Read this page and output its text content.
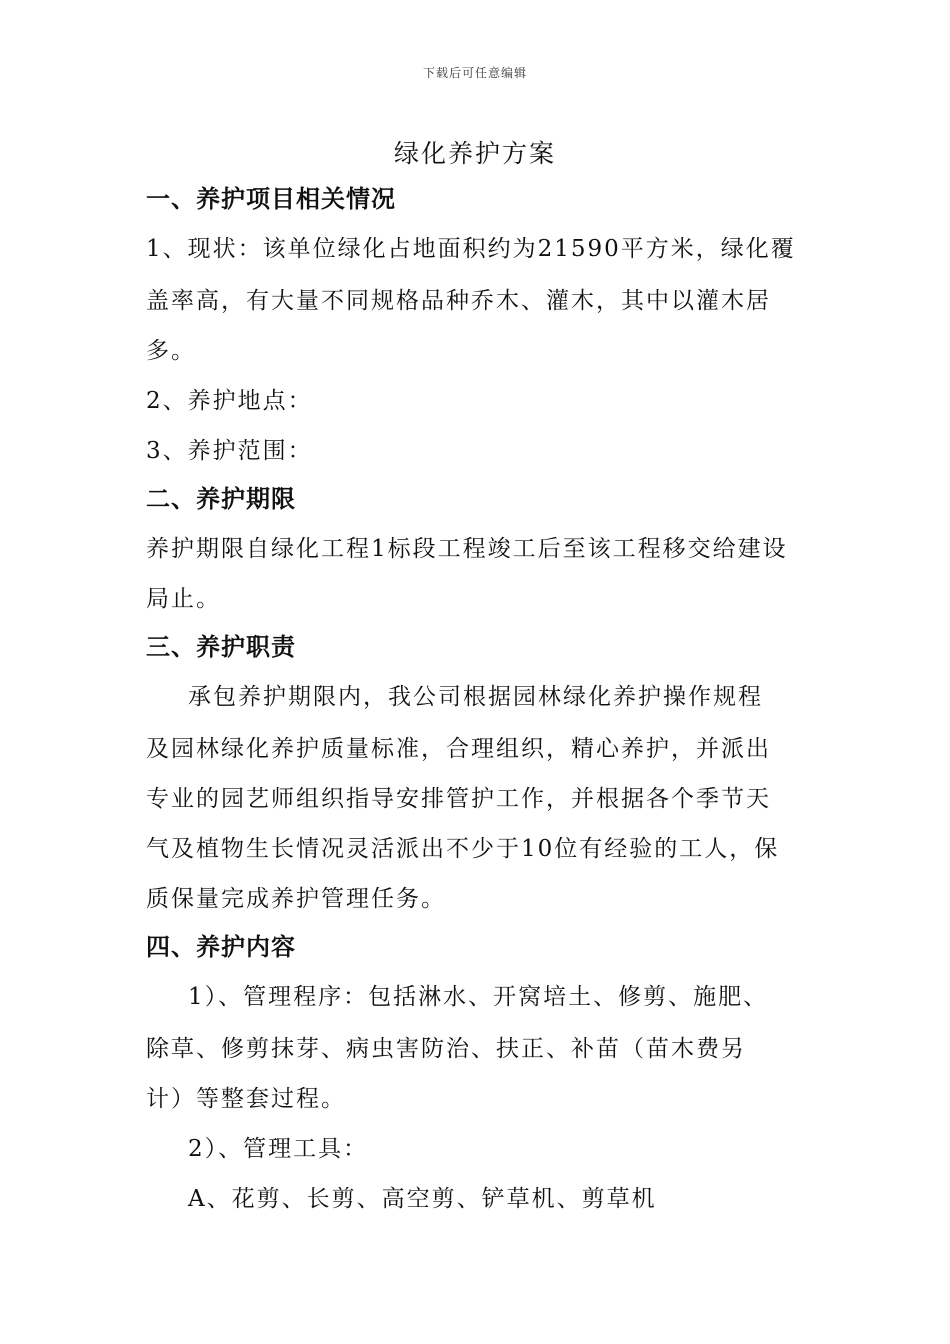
下载后可任意编辑
绿化养护方案
一、养护项目相关情况
1、现状：该单位绿化占地面积约为21590平方米，绿化覆
盖率高，有大量不同规格品种乔木、灌木，其中以灌木居
多。
2、养护地点：
3、养护范围：
二、养护期限
养护期限自绿化工程1标段工程竣工后至该工程移交给建设
局止。
三、养护职责
承包养护期限内，我公司根据园林绿化养护操作规程
及园林绿化养护质量标准，合理组织，精心养护，并派出
专业的园艺师组织指导安排管护工作，并根据各个季节天
气及植物生长情况灵活派出不少于10位有经验的工人，保
质保量完成养护管理任务。
四、养护内容
1）、管理程序：包括淋水、开窝培土、修剪、施肥、
除草、修剪抹芽、病虫害防治、扶正、补苗（苗木费另
计）等整套过程。
2）、管理工具：
A、花剪、长剪、高空剪、铲草机、剪草机
